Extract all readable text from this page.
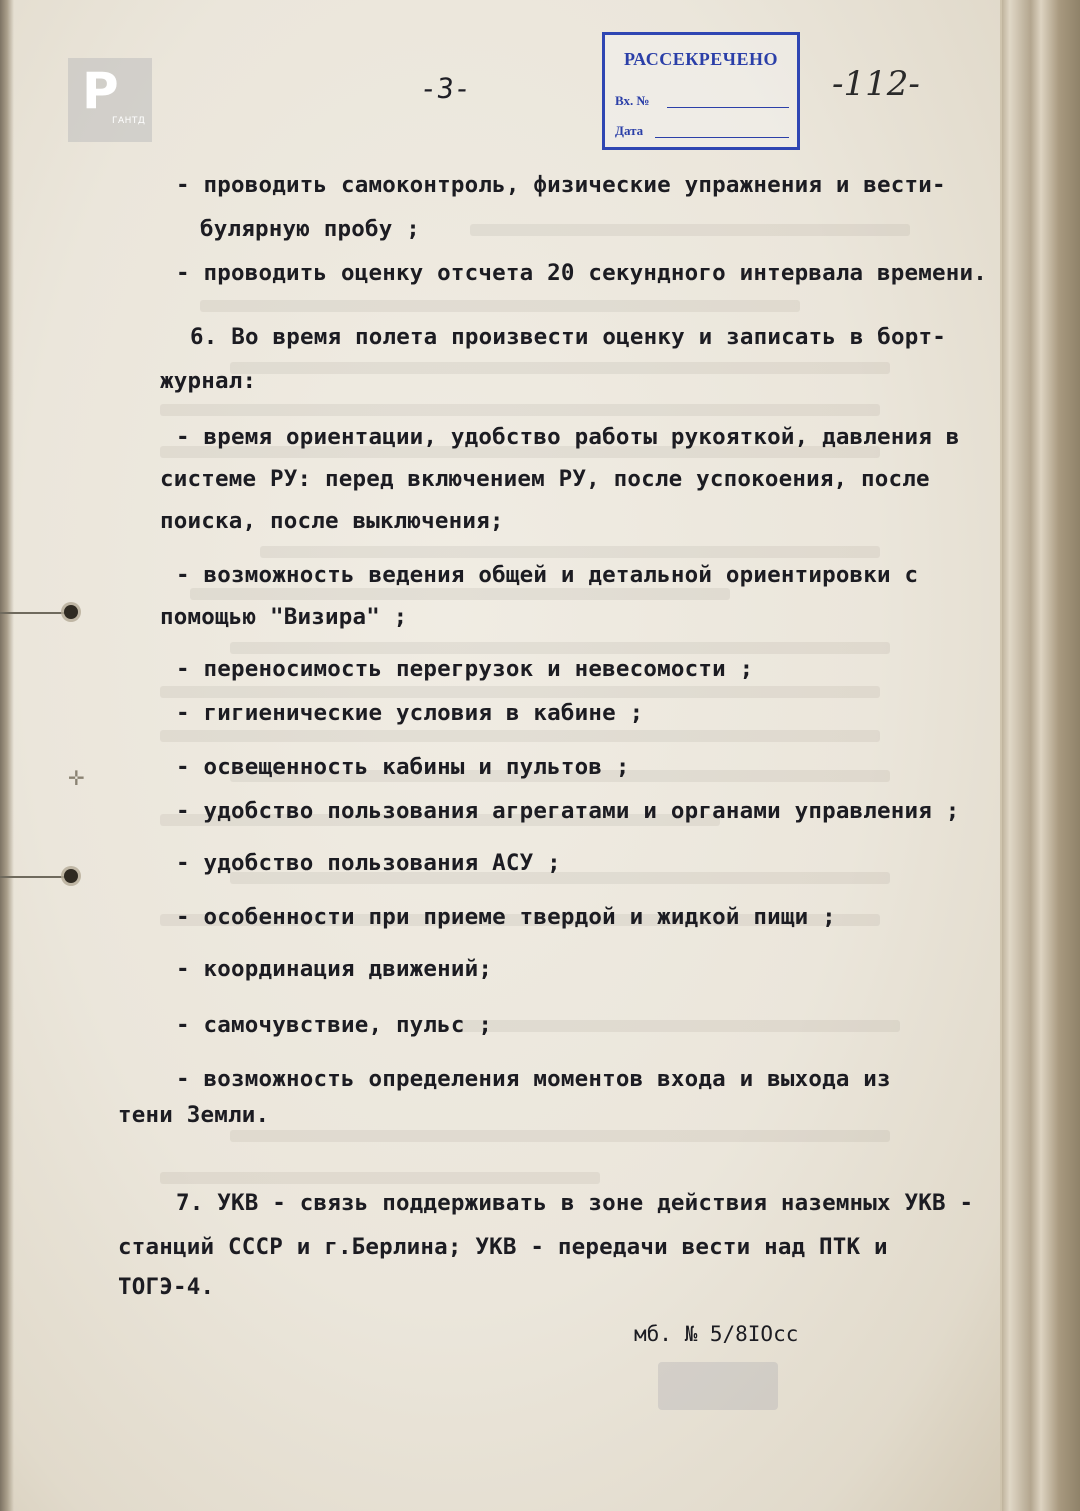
Р
ГАНТД
РАССЕКРЕЧЕНО
Вх. №
Дата
-3-	-112-
- проводить самоконтроль, физические упражнения и вести-
булярную пробу ;
- проводить оценку отсчета 20 секундного интервала времени.
6. Во время полета произвести оценку и записать в борт-
журнал:
- время ориентации, удобство работы рукояткой, давления в
системе РУ: перед включением РУ, после успокоения, после
поиска, после выключения;
- возможность ведения общей и детальной ориентировки с
помощью "Визира" ;
- переносимость перегрузок и невесомости ;
- гигиенические условия в кабине ;
- освещенность кабины и пультов ;
- удобство пользования агрегатами и органами управления ;
- удобство пользования АСУ ;
- особенности при приеме твердой и жидкой пищи ;
- координация движений;
- самочувствие, пульс ;
- возможность определения моментов входа и выхода из
тени Земли.
7. УКВ - связь поддерживать в зоне действия наземных УКВ -
станций СССР и г.Берлина; УКВ - передачи вести над ПТК и
ТОГЭ-4.
мб. № 5/8IOcc
✛
